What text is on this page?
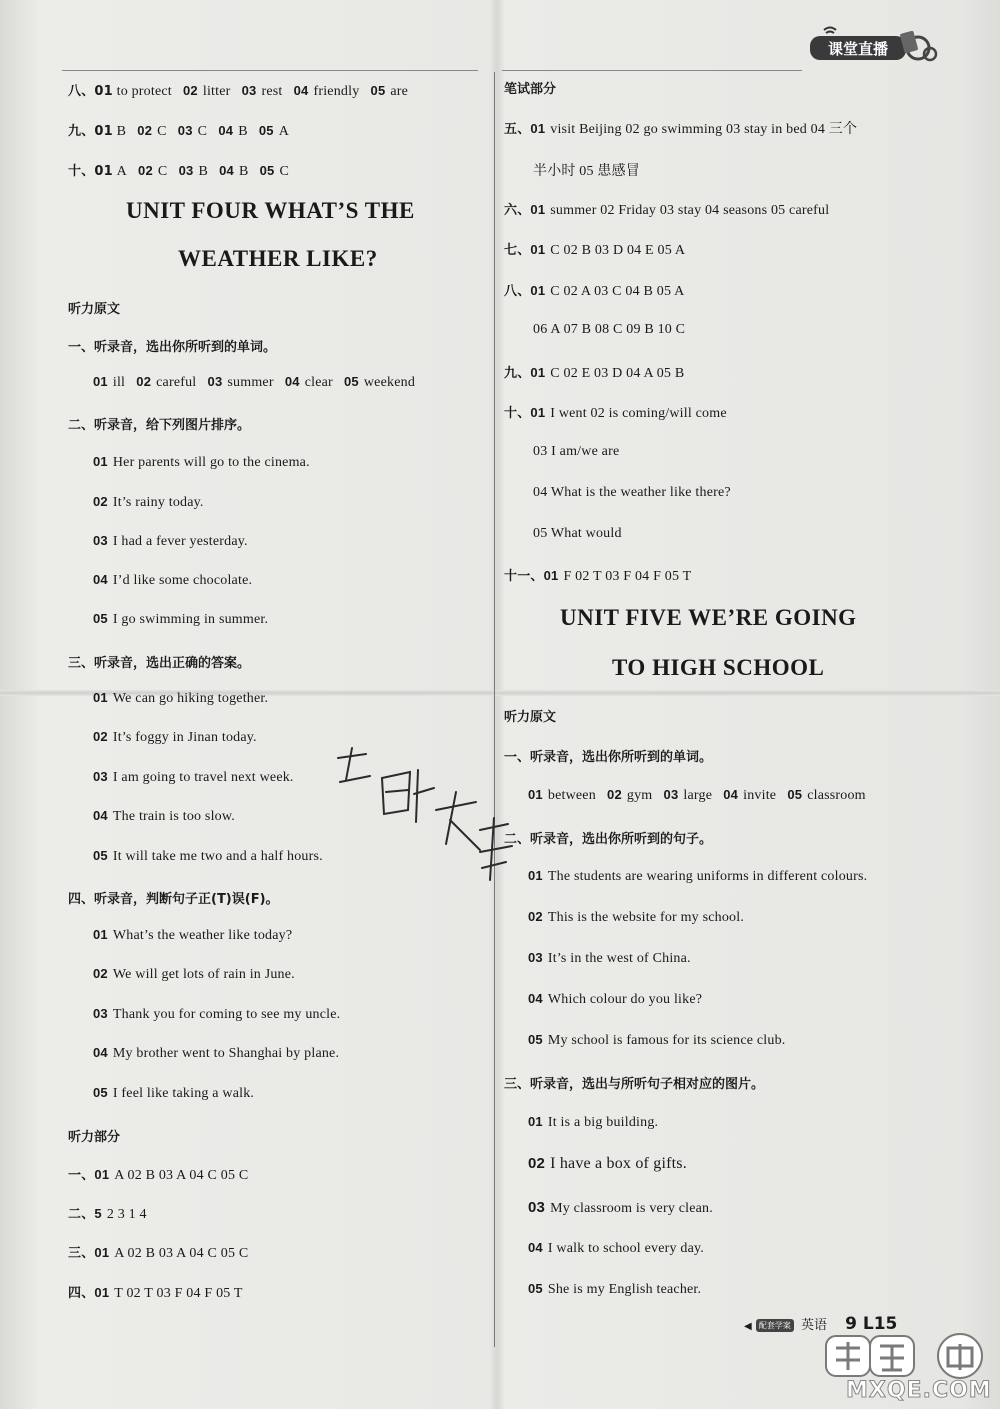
课堂直播
八、01 to protect 02 litter 03 rest 04 friendly 05 are
九、01 B 02 C 03 C 04 B 05 A
十、01 A 02 C 03 B 04 B 05 C
UNIT FOUR WHAT’S THE
WEATHER LIKE?
听力原文
一、听录音，选出你所听到的单词。
01 ill 02 careful 03 summer 04 clear 05 weekend
二、听录音，给下列图片排序。
01 Her parents will go to the cinema.
02 It’s rainy today.
03 I had a fever yesterday.
04 I’d like some chocolate.
05 I go swimming in summer.
三、听录音，选出正确的答案。
01 We can go hiking together.
02 It’s foggy in Jinan today.
03 I am going to travel next week.
04 The train is too slow.
05 It will take me two and a half hours.
四、听录音，判断句子正(T)误(F)。
01 What’s the weather like today?
02 We will get lots of rain in June.
03 Thank you for coming to see my uncle.
04 My brother went to Shanghai by plane.
05 I feel like taking a walk.
听力部分
一、01 A 02 B 03 A 04 C 05 C
二、5 2 3 1 4
三、01 A 02 B 03 A 04 C 05 C
四、01 T 02 T 03 F 04 F 05 T
笔试部分
五、01 visit Beijing 02 go swimming 03 stay in bed 04 三个
半小时 05 患感冒
六、01 summer 02 Friday 03 stay 04 seasons 05 careful
七、01 C 02 B 03 D 04 E 05 A
八、01 C 02 A 03 C 04 B 05 A
06 A 07 B 08 C 09 B 10 C
九、01 C 02 E 03 D 04 A 05 B
十、01 I went 02 is coming/will come
03 I am/we are
04 What is the weather like there?
05 What would
十一、01 F 02 T 03 F 04 F 05 T
UNIT FIVE WE’RE GOING
TO HIGH SCHOOL
听力原文
一、听录音，选出你所听到的单词。
01 between 02 gym 03 large 04 invite 05 classroom
二、听录音，选出你所听到的句子。
01 The students are wearing uniforms in different colours.
02 This is the website for my school.
03 It’s in the west of China.
04 Which colour do you like?
05 My school is famous for its science club.
三、听录音，选出与所听句子相对应的图片。
01 It is a big building.
02 I have a box of gifts.
03 My classroom is very clean.
04 I walk to school every day.
05 She is my English teacher.
互助文档
◀ 配套学案 英语 9 L15
MXQE.COM
